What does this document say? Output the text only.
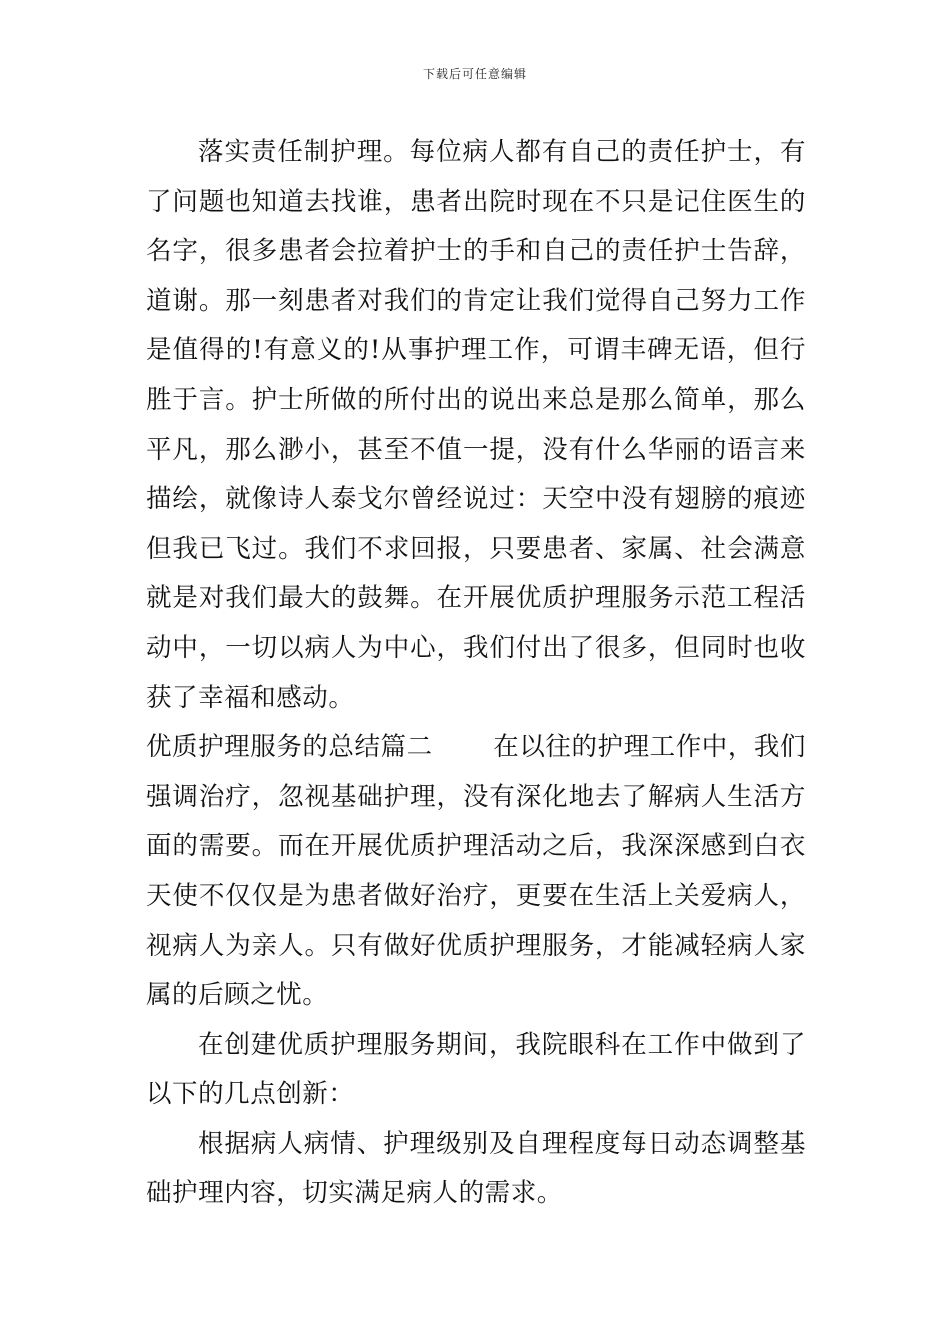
下载后可任意编辑

落实责任制护理。每位病人都有自己的责任护士，有了问题也知道去找谁，患者出院时现在不只是记住医生的名字，很多患者会拉着护士的手和自己的责任护士告辞，道谢。那一刻患者对我们的肯定让我们觉得自己努力工作是值得的!有意义的!从事护理工作，可谓丰碑无语，但行胜于言。护士所做的所付出的说出来总是那么简单，那么平凡，那么渺小，甚至不值一提，没有什么华丽的语言来描绘，就像诗人泰戈尔曾经说过：天空中没有翅膀的痕迹但我已飞过。我们不求回报，只要患者、家属、社会满意就是对我们最大的鼓舞。在开展优质护理服务示范工程活动中，一切以病人为中心，我们付出了很多，但同时也收获了幸福和感动。

优质护理服务的总结篇二 在以往的护理工作中，我们强调治疗，忽视基础护理，没有深化地去了解病人生活方面的需要。而在开展优质护理活动之后，我深深感到白衣天使不仅仅是为患者做好治疗，更要在生活上关爱病人，视病人为亲人。只有做好优质护理服务，才能减轻病人家属的后顾之忧。

在创建优质护理服务期间，我院眼科在工作中做到了以下的几点创新：

根据病人病情、护理级别及自理程度每日动态调整基础护理内容，切实满足病人的需求。
